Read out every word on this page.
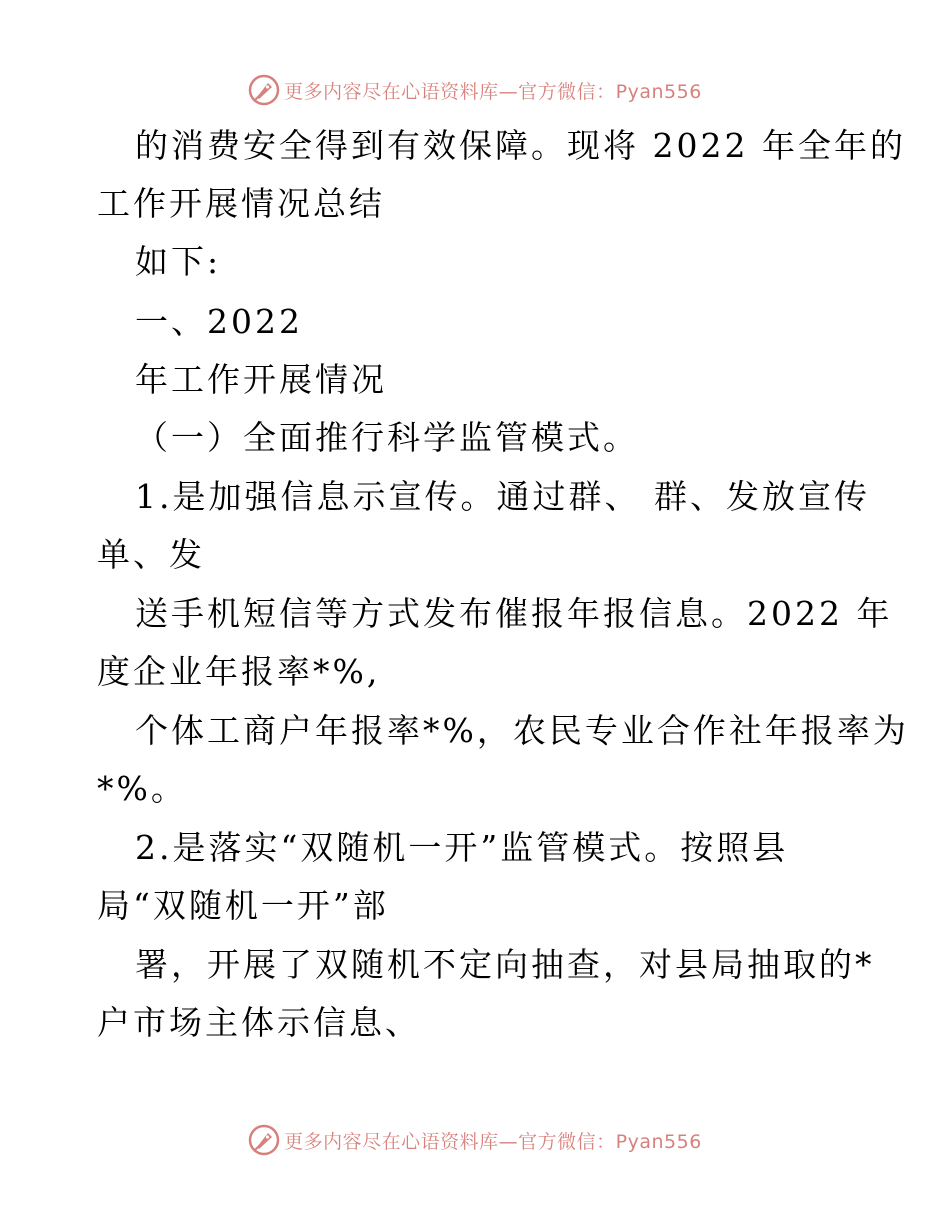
更多内容尽在心语资料库—官方微信：Pyan556
的消费安全得到有效保障。现将 2022 年全年的
工作开展情况总结
如下:
一、2022
年工作开展情况
（一）全面推行科学监管模式。
1.是加强信息示宣传。通过群、 群、发放宣传
单、发
送手机短信等方式发布催报年报信息。2022 年
度企业年报率*%,
个体工商户年报率*%，农民专业合作社年报率为
*%。
2.是落实“双随机一开”监管模式。按照县
局“双随机一开”部
署，开展了双随机不定向抽查，对县局抽取的*
户市场主体示信息、
更多内容尽在心语资料库—官方微信：Pyan556
